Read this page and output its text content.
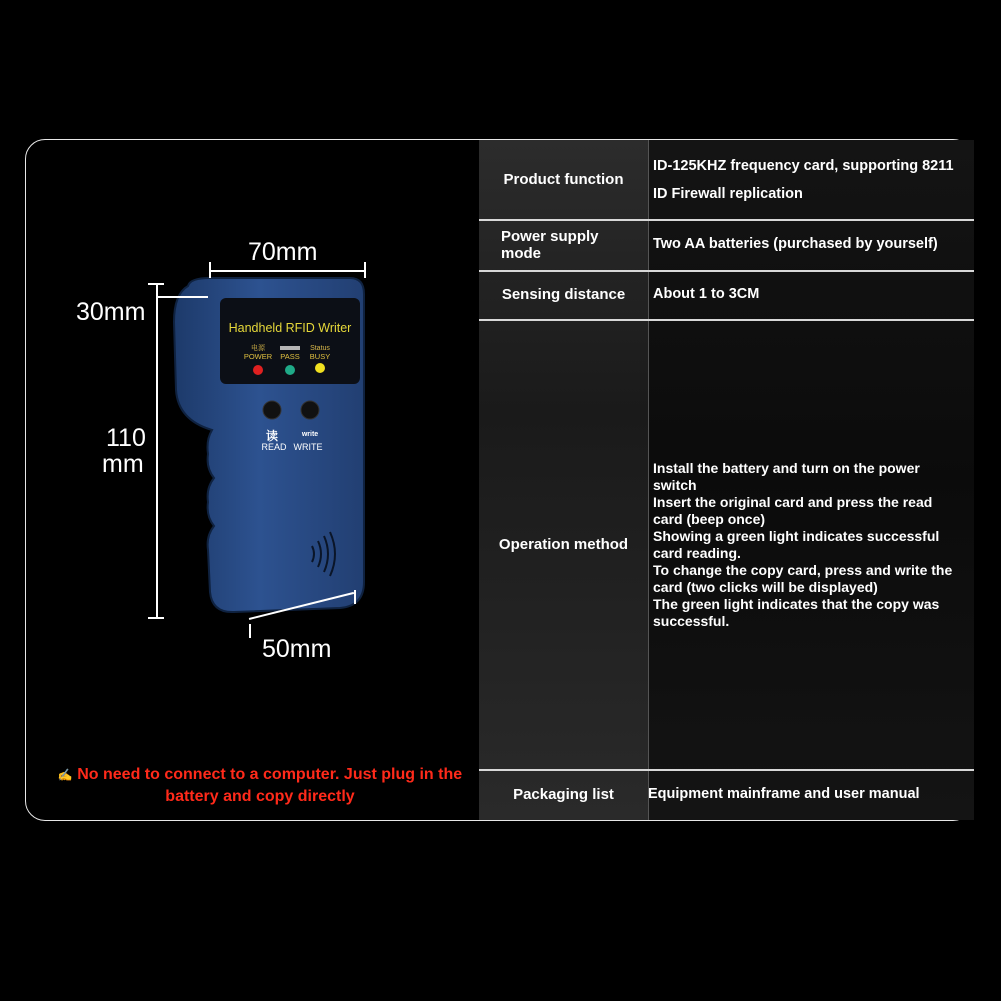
Handheld RFID Writer
电源	Status
POWER PASS BUSY
读	write
READ WRITE
70mm
30mm
110
mm
50mm
✍ No need to connect to a computer. Just plug in the battery and copy directly
Product function
ID-125KHZ frequency card, supporting 8211
ID Firewall replication
Power supply mode
Two AA batteries (purchased by yourself)
Sensing distance About 1 to 3CM
Operation method
Install the battery and turn on the power switch
Insert the original card and press the read card (beep once)
Showing a green light indicates successful card reading.
To change the copy card, press and write the card (two clicks will be displayed)
The green light indicates that the copy was successful.
Packaging list Equipment mainframe and user manual
